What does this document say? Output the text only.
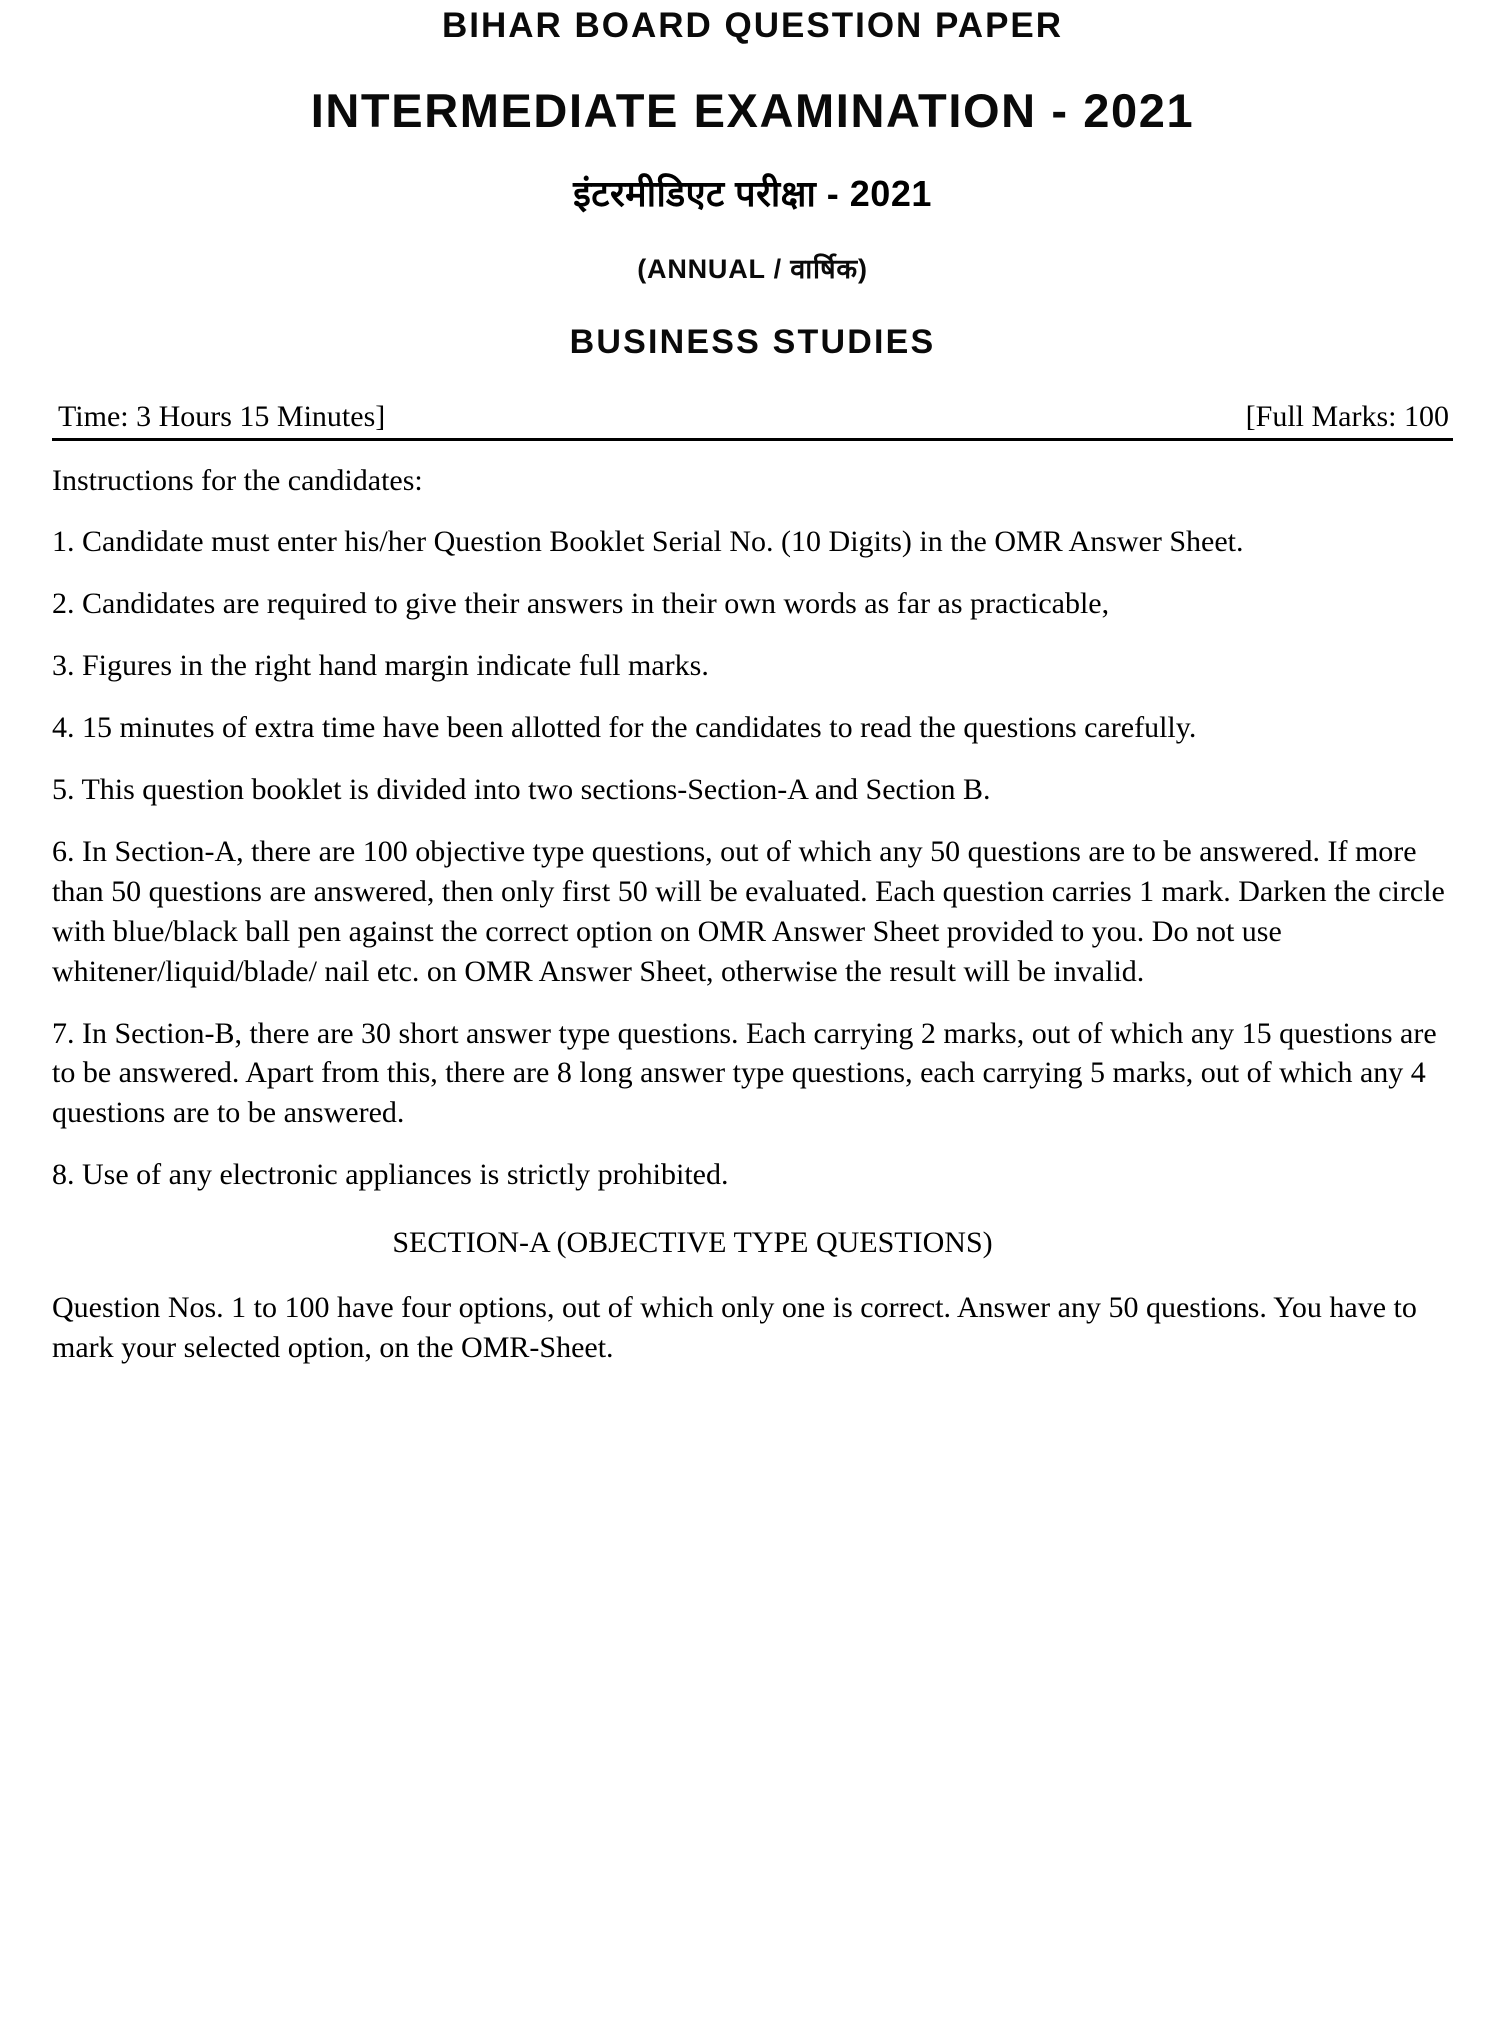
BIHAR BOARD QUESTION PAPER
INTERMEDIATE EXAMINATION - 2021
इंटरमीडिएट परीक्षा - 2021
(ANNUAL / वार्षिक)
BUSINESS STUDIES
Time: 3 Hours 15 Minutes]	[Full Marks: 100

Instructions for the candidates:

1. Candidate must enter his/her Question Booklet Serial No. (10 Digits) in the OMR Answer Sheet.

2. Candidates are required to give their answers in their own words as far as practicable,

3. Figures in the right hand margin indicate full marks.

4. 15 minutes of extra time have been allotted for the candidates to read the questions carefully.

5. This question booklet is divided into two sections-Section-A and Section B.

6. In Section-A, there are 100 objective type questions, out of which any 50 questions are to be answered. If more than 50 questions are answered, then only first 50 will be evaluated. Each question carries 1 mark. Darken the circle with blue/black ball pen against the correct option on OMR Answer Sheet provided to you. Do not use whitener/liquid/blade/ nail etc. on OMR Answer Sheet, otherwise the result will be invalid.

7. In Section-B, there are 30 short answer type questions. Each carrying 2 marks, out of which any 15 questions are to be answered. Apart from this, there are 8 long answer type questions, each carrying 5 marks, out of which any 4 questions are to be answered.

8. Use of any electronic appliances is strictly prohibited.

SECTION-A (OBJECTIVE TYPE QUESTIONS)

Question Nos. 1 to 100 have four options, out of which only one is correct. Answer any 50 questions. You have to mark your selected option, on the OMR-Sheet.
